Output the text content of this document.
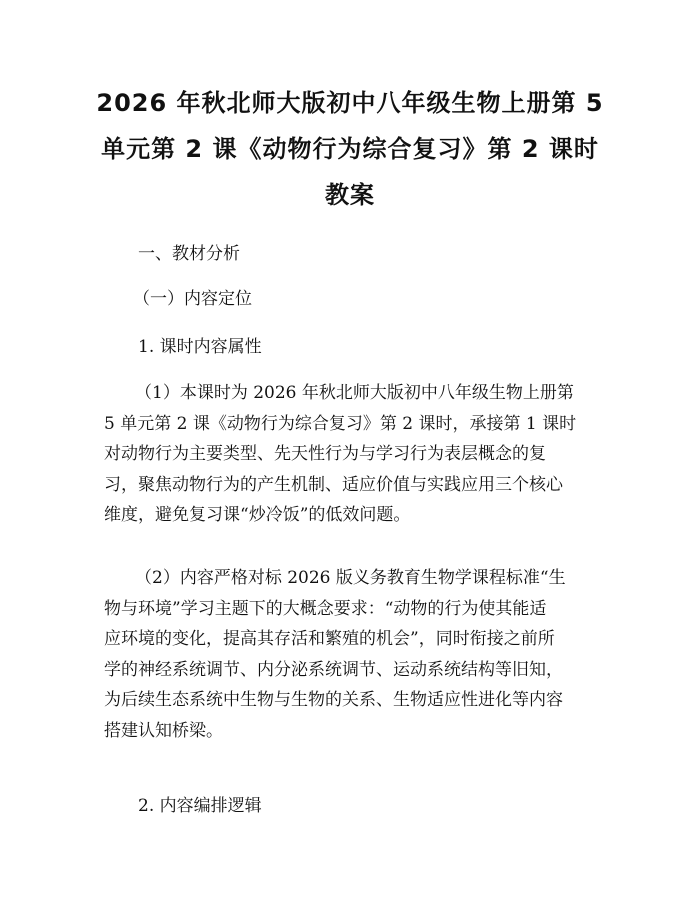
2026 年秋北师大版初中八年级生物上册第 5
单元第 2 课《动物行为综合复习》第 2 课时
教案

一、教材分析

（一）内容定位

1. 课时内容属性

（1）本课时为 2026 年秋北师大版初中八年级生物上册第
5 单元第 2 课《动物行为综合复习》第 2 课时，承接第 1 课时
对动物行为主要类型、先天性行为与学习行为表层概念的复
习，聚焦动物行为的产生机制、适应价值与实践应用三个核心
维度，避免复习课“炒冷饭”的低效问题。
（2）内容严格对标 2026 版义务教育生物学课程标准“生
物与环境”学习主题下的大概念要求：“动物的行为使其能适
应环境的变化，提高其存活和繁殖的机会”，同时衔接之前所
学的神经系统调节、内分泌系统调节、运动系统结构等旧知，
为后续生态系统中生物与生物的关系、生物适应性进化等内容
搭建认知桥梁。

2. 内容编排逻辑
